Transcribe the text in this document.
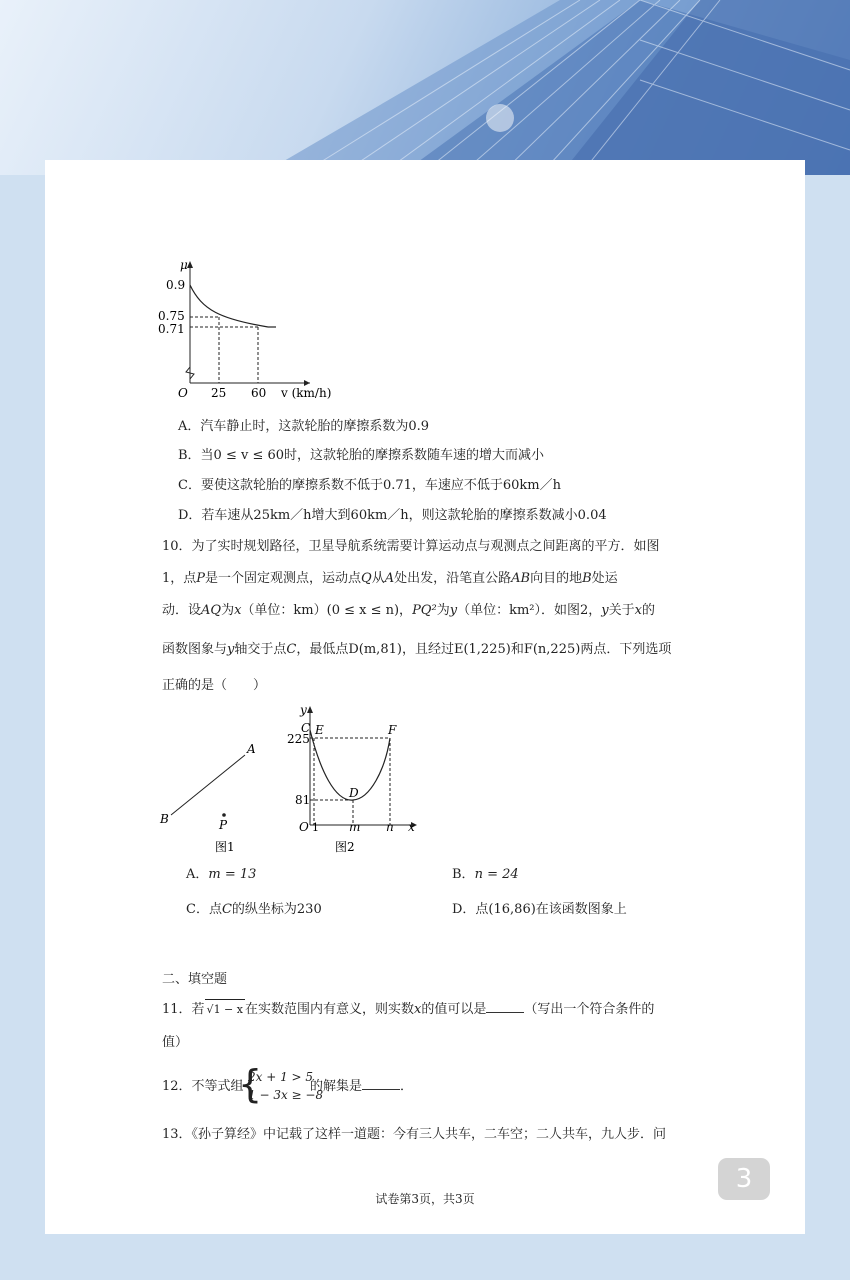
μ
0.9
0.75
0.71
O 25 60 v (km/h)
A．汽车静止时，这款轮胎的摩擦系数为0.9
B．当0 ≤ v ≤ 60时，这款轮胎的摩擦系数随车速的增大而减小
C．要使这款轮胎的摩擦系数不低于0.71，车速应不低于60km／h
D．若车速从25km／h增大到60km／h，则这款轮胎的摩擦系数减小0.04
10．为了实时规划路径，卫星导航系统需要计算运动点与观测点之间距离的平方．如图
1，点P是一个固定观测点，运动点Q从A处出发，沿笔直公路AB向目的地B处运
动．设AQ为x（单位：km）(0 ≤ x ≤ n)，PQ²为y（单位：km²）．如图2，y关于x的
函数图象与y轴交于点C，最低点D(m,81)，且经过E(1,225)和F(n,225)两点．下列选项
正确的是（　　）
A
B	P
图1
y
C E	F
D
225
81
O 1	m n x
图2
A．m = 13	B．n = 24
C．点C的纵坐标为230	D．点(16,86)在该函数图象上
二、填空题
11．若 √1 − x 在实数范围内有意义，则实数x的值可以是	（写出一个符合条件的
值）
12．不等式组
{
2x + 1 > 5
1 − 3x ≥ −8
的解集是	．
13．《孙子算经》中记载了这样一道题：今有三人共车，二车空；二人共车，九人步．问
3
试卷第3页，共3页
